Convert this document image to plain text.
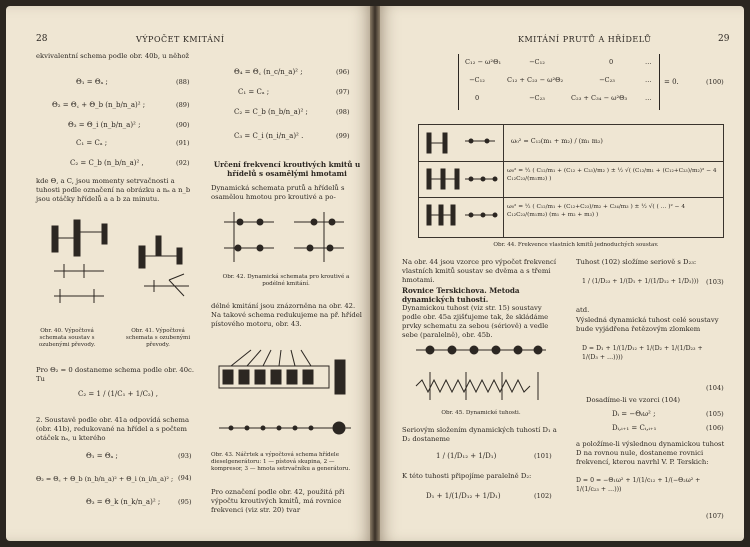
28	VÝPOČET KMITÁNÍ
ekvivalentní schema podle obr. 40b, u něhož
Θ₁ = Θₐ ;	(88)
Θ₂ = Θ꜀ + Θ_b (n_b/n_a)² ;	(89)
Θ₃ = Θ_i (n_b/n_a)² ;	(90)
C₁ = Cₐ ;	(91)
C₂ = C_b (n_b/n_a)² ,	(92)
kde Θ, a C, jsou momenty setrvačnosti a tuhosti podle označení na obrázku a nₐ a n_b jsou otáčky hřídelů a a b za minutu.
Obr. 40. Výpočtová schemata soustav s ozubenými převody.
Obr. 41. Výpočtová schemata s ozubenými převody.
Pro Θ₂ = 0 dostaneme schema podle obr. 40c. Tu
C₂ = 1 / (1/C₁ + 1/C₂) ,
2. Soustavě podle obr. 41a odpovídá schema (obr. 41b), redukované na hřídel a s počtem otáček nₐ, u kterého
Θ₁ = Θₐ ;	(93)
Θ₂ = Θ꜀ + Θ_b (n_b/n_a)² + Θ_i (n_i/n_a)² ; (94)
Θ₃ = Θ_k (n_k/n_a)² ;	(95)
Θ₄ = Θ꜀ (n_c/n_a)² ;	(96)
C₁ = Cₐ ;	(97)
C₂ = C_b (n_b/n_a)² ;	(98)
C₃ = C_i (n_i/n_a)² .	(99)
Určení frekvencí kroutivých kmitů u hřídelů s osamělými hmotami
Dynamická schemata prutů a hřídelů s osamělou hmotou pro kroutivé a po-
Obr. 42. Dynamická schemata pro kroutivé a podélné kmitání.
délné kmitání jsou znázorněna na obr. 42. Na takové schema redukujeme na př. hřídel pístového motoru, obr. 43.
Obr. 43. Náčrtek a výpočtová schema hřídele dieselgenerátoru: 1 — pístová skupina, 2 — kompresor, 3 — hmota setrvačníku a generátoru.
Pro označení podle obr. 42, použitá při výpočtu kroutivých kmitů, má rovnice frekvenci (viz str. 20) tvar
KMITÁNÍ PRUTŮ A HŘÍDELŮ	29
C₁₂ − ω²Θ₁	−C₁₂	0	…
−C₁₂	C₁₂ + C₂₃ − ω²Θ₂	−C₂₃	…
0	−C₂₃	C₂₃ + C₃₄ − ω²Θ₃	…
= 0.	(100)
ω₀² = C₁₂(m₁ + m₂) / (m₁ m₂)
ω₀² = ½ ( C₁₂/m₁ + (C₁₂ + C₂₃)/m₂ ) ± ½ √( (C₁₂/m₁ + (C₁₂+C₂₃)/m₂)² − 4 C₁₂C₂₃/(m₁m₂) )
ω₀² = ½ ( C₁₂/m₁ + (C₁₂+C₂₃)/m₂ + C₃₄/m₃ ) ± ½ √( ( … )² − 4 C₁₂C₂₃/(m₁m₂) (m₁ + m₂ + m₃) )
Obr. 44. Frekvence vlastních kmitů jednoduchých soustav.
Na obr. 44 jsou vzorce pro výpočet frekvencí vlastních kmitů soustav se dvěma a s třemi hmotami.
Rovnice Terskichova. Metoda dynamických tuhostí.
Dynamickou tuhost (viz str. 15) soustavy podle obr. 45a zjišťujeme tak, že skládáme prvky schematu za sebou (sériově) a vedle sebe (paralelně), obr. 45b.
Obr. 45. Dynamické tuhosti.
Seriovým složením dynamických tuhostí D₁ a D₂ dostaneme
1 / (1/D₁₂ + 1/D₁)	(101)
K této tuhosti připojíme paralelně D₂:
D₁ + 1/(1/D₁₂ + 1/D₁)	(102)
Tuhost (102) složíme seriově s D₂₃:
1 / (1/D₂₃ + 1/(D₁ + 1/(1/D₁₂ + 1/D₁)))	(103)
atd.
Výsledná dynamická tuhost celé soustavy bude vyjádřena řetězovým zlomkem
D = D₁ + 1/(1/D₁₂ + 1/(D₂ + 1/(1/D₂₃ + 1/(D₃ + …))))
(104)
Dosadíme-li ve vzorci (104)
Dᵢ = −Θᵢω² ;	(105)
Dᵢ,ᵢ₊₁ = Cᵢ,ᵢ₊₁	(106)
a položíme-li výslednou dynamickou tuhost D na rovnou nule, dostaneme rovnici frekvencí, kterou navrhl V. P. Terskich:
D = 0 = −Θ₁ω² + 1/(1/c₁₂ + 1/(−Θ₂ω² + 1/(1/c₂₃ + …)))
(107)
